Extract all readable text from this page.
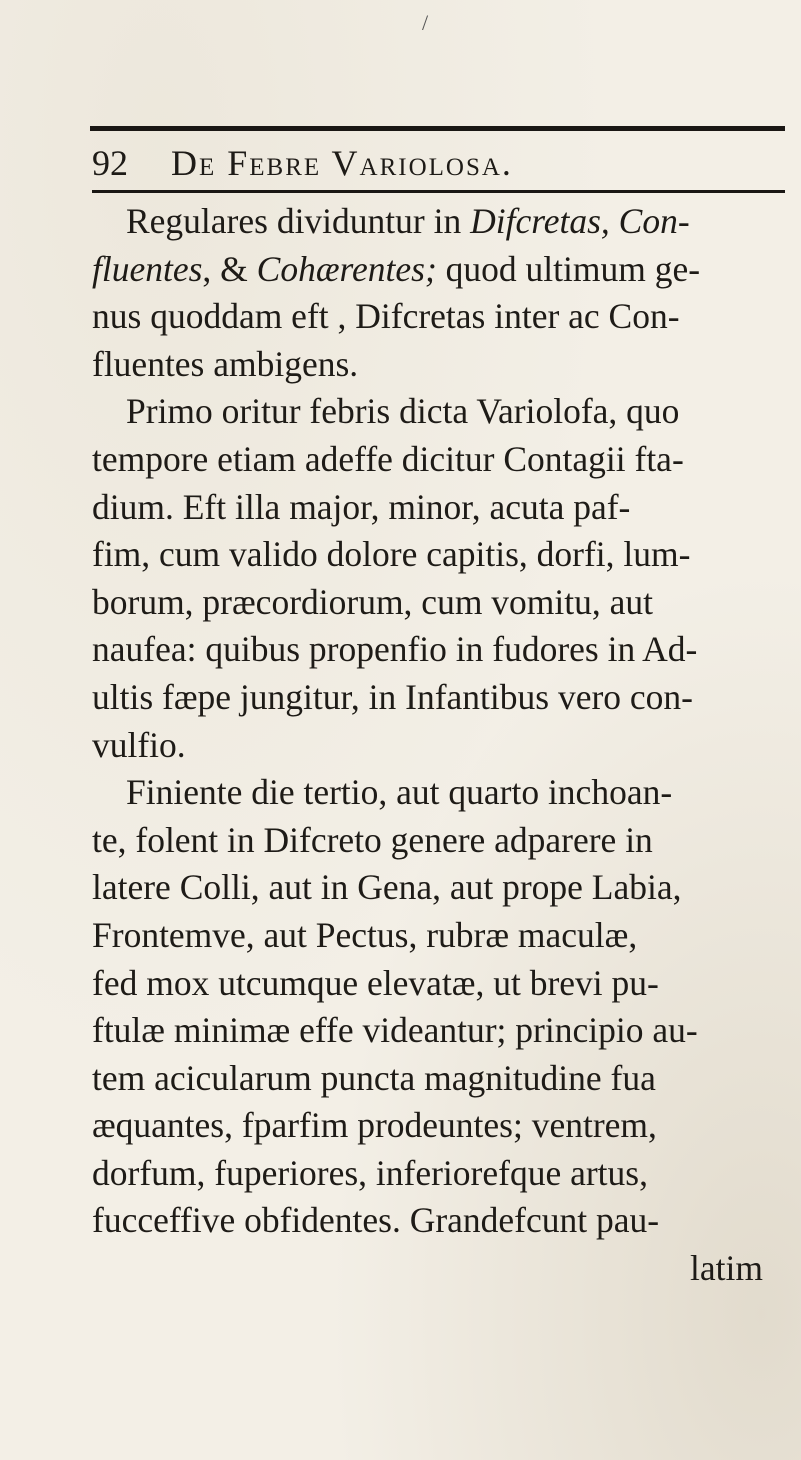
/
92 De Febre Variolosa.
Regulares dividuntur in Difcretas, Con-
fluentes, & Cohærentes; quod ultimum ge-
nus quoddam eft , Difcretas inter ac Con-
fluentes ambigens.
Primo oritur febris dicta Variolofa, quo
tempore etiam adeffe dicitur Contagii fta-
dium. Eft illa major, minor, acuta paf-
fim, cum valido dolore capitis, dorfi, lum-
borum, præcordiorum, cum vomitu, aut
naufea: quibus propenfio in fudores in Ad-
ultis fæpe jungitur, in Infantibus vero con-
vulfio.
Finiente die tertio, aut quarto inchoan-
te, folent in Difcreto genere adparere in
latere Colli, aut in Gena, aut prope Labia,
Frontemve, aut Pectus, rubræ maculæ,
fed mox utcumque elevatæ, ut brevi pu-
ftulæ minimæ effe videantur; principio au-
tem acicularum puncta magnitudine fua
æquantes, fparfim prodeuntes; ventrem,
dorfum, fuperiores, inferiorefque artus,
fucceffive obfidentes. Grandefcunt pau-
latim
